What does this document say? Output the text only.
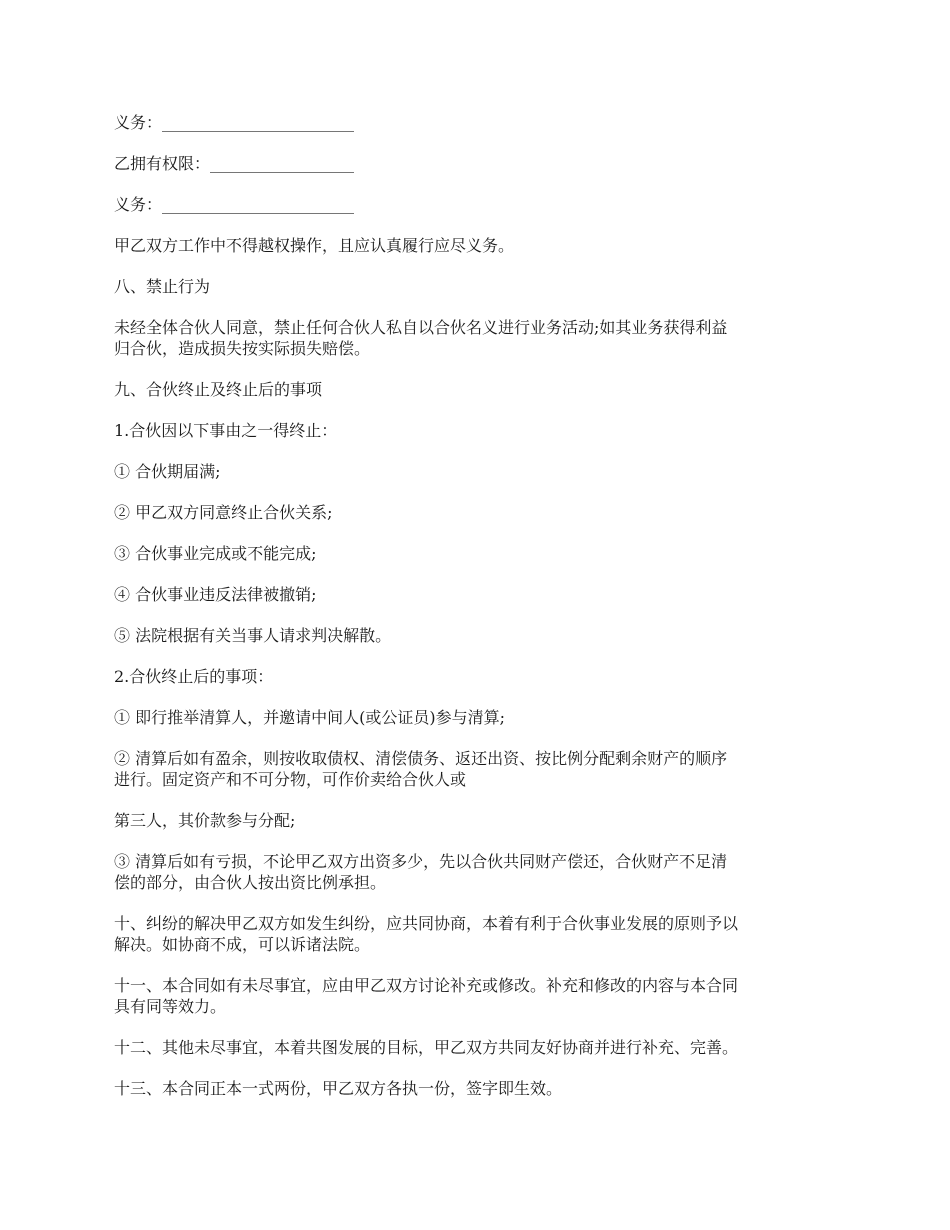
义务：________________________

乙拥有权限：__________________

义务：________________________

甲乙双方工作中不得越权操作，且应认真履行应尽义务。

八、禁止行为

未经全体合伙人同意，禁止任何合伙人私自以合伙名义进行业务活动;如其业务获得利益
归合伙，造成损失按实际损失赔偿。

九、合伙终止及终止后的事项

1.合伙因以下事由之一得终止：

① 合伙期届满;

② 甲乙双方同意终止合伙关系;

③ 合伙事业完成或不能完成;

④ 合伙事业违反法律被撤销;

⑤ 法院根据有关当事人请求判决解散。

2.合伙终止后的事项：

① 即行推举清算人，并邀请中间人(或公证员)参与清算;

② 清算后如有盈余，则按收取债权、清偿债务、返还出资、按比例分配剩余财产的顺序
进行。固定资产和不可分物，可作价卖给合伙人或

第三人，其价款参与分配;

③ 清算后如有亏损，不论甲乙双方出资多少，先以合伙共同财产偿还，合伙财产不足清
偿的部分，由合伙人按出资比例承担。

十、纠纷的解决甲乙双方如发生纠纷，应共同协商，本着有利于合伙事业发展的原则予以
解决。如协商不成，可以诉诸法院。

十一、本合同如有未尽事宜，应由甲乙双方讨论补充或修改。补充和修改的内容与本合同
具有同等效力。

十二、其他未尽事宜，本着共图发展的目标，甲乙双方共同友好协商并进行补充、完善。

十三、本合同正本一式两份，甲乙双方各执一份，签字即生效。
